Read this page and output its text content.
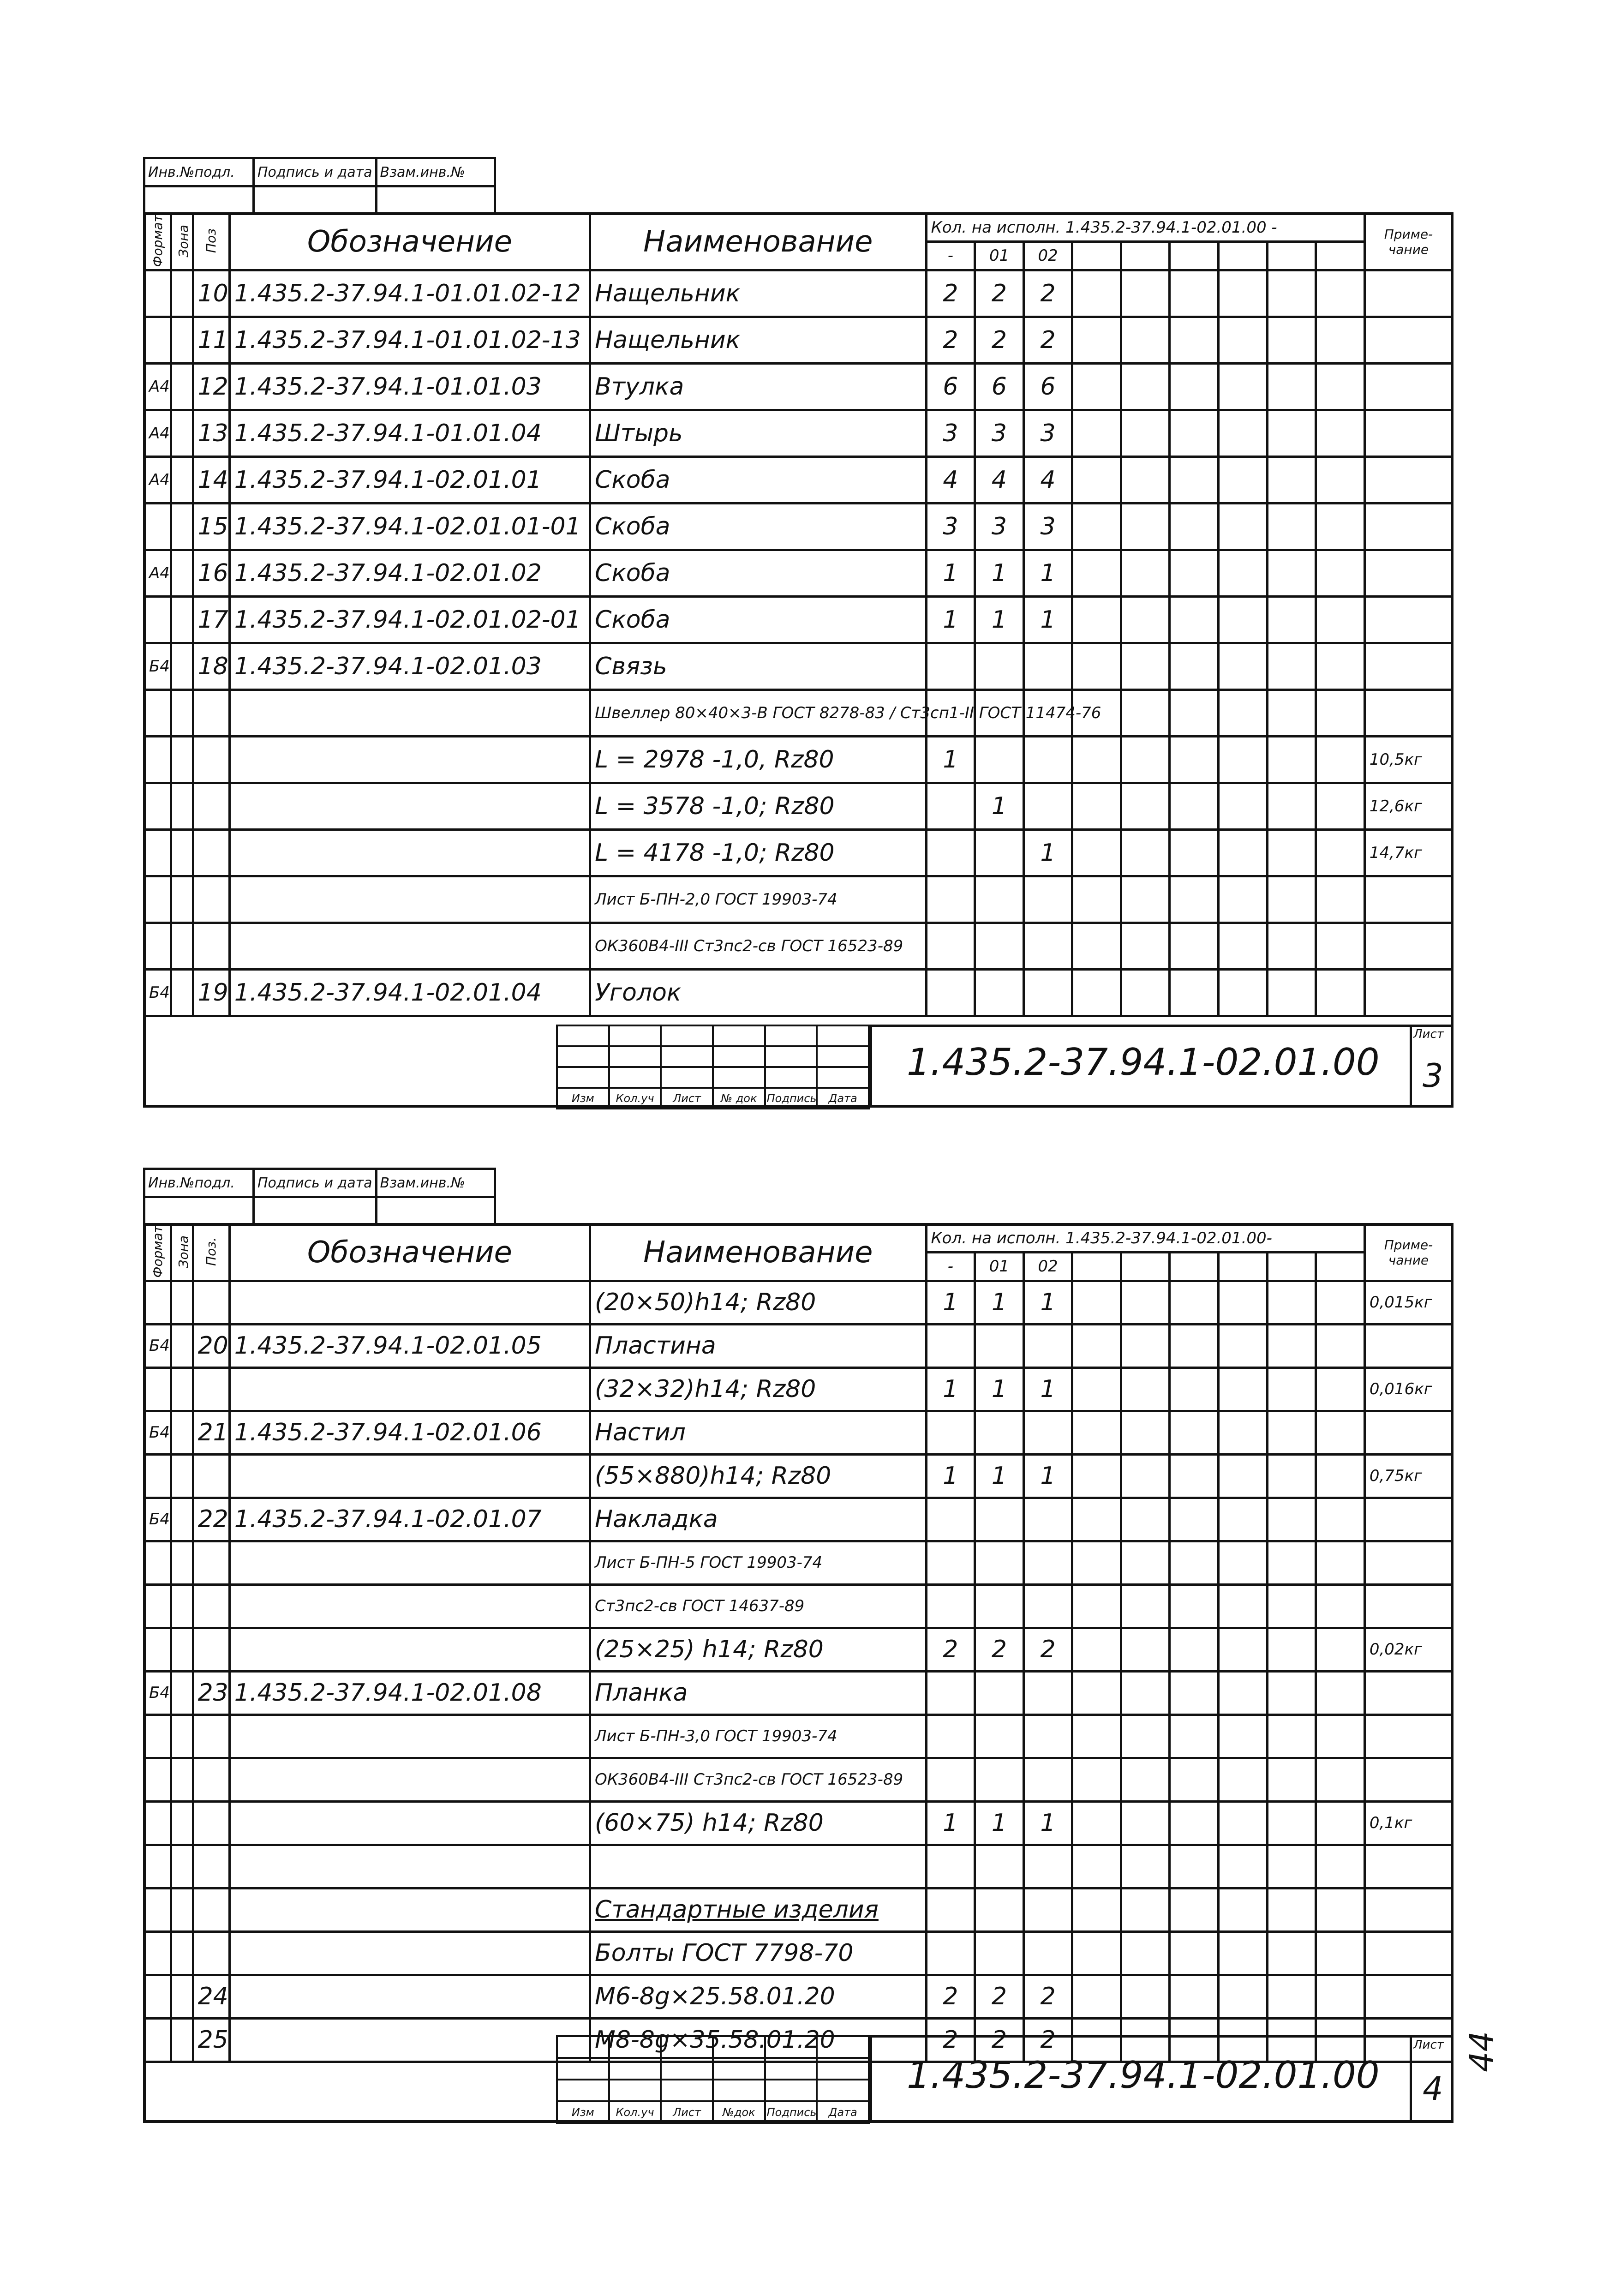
Инв.№подл.	Подпись и дата	Взам.инв.№

Формат	Зона	Поз	Обозначение	Наименование	Кол. на исполн. 1.435.2-37.94.1-02.01.00 -									Приме-чание
					-	01	02							
		10	1.435.2-37.94.1-01.01.02-12	Нащельник	2	2	2							
		11	1.435.2-37.94.1-01.01.02-13	Нащельник	2	2	2							
A4		12	1.435.2-37.94.1-01.01.03	Втулка	6	6	6							
A4		13	1.435.2-37.94.1-01.01.04	Штырь	3	3	3							
A4		14	1.435.2-37.94.1-02.01.01	Скоба	4	4	4							
		15	1.435.2-37.94.1-02.01.01-01	Скоба	3	3	3							
A4		16	1.435.2-37.94.1-02.01.02	Скоба	1	1	1							
		17	1.435.2-37.94.1-02.01.02-01	Скоба	1	1	1							
Б4		18	1.435.2-37.94.1-02.01.03	Связь										
				Швеллер 80×40×3-В ГОСТ 8278-83 / Ст3сп1-II ГОСТ 11474-76										
				L = 2978 -1,0, Rz80	1									10,5кг
				L = 3578 -1,0; Rz80		1								12,6кг
				L = 4178 -1,0; Rz80			1							14,7кг
				Лист Б-ПН-2,0 ГОСТ 19903-74										
				ОК360В4-III Ст3пс2-св ГОСТ 16523-89										
Б4		19	1.435.2-37.94.1-02.01.04	Уголок										

Изм	Кол.уч	Лист	№ док	Подпись	Дата
1.435.2-37.94.1-02.01.00
Лист
3
Инв.№подл.	Подпись и дата	Взам.инв.№

Формат	Зона	Поз.	Обозначение	Наименование	Кол. на исполн. 1.435.2-37.94.1-02.01.00-									Приме-чание
					-	01	02							
				(20×50)h14; Rz80	1	1	1							0,015кг
Б4		20	1.435.2-37.94.1-02.01.05	Пластина										
				(32×32)h14; Rz80	1	1	1							0,016кг
Б4		21	1.435.2-37.94.1-02.01.06	Настил										
				(55×880)h14; Rz80	1	1	1							0,75кг
Б4		22	1.435.2-37.94.1-02.01.07	Накладка										
				Лист Б-ПН-5 ГОСТ 19903-74										
				Ст3пс2-св ГОСТ 14637-89										
				(25×25) h14; Rz80	2	2	2							0,02кг
Б4		23	1.435.2-37.94.1-02.01.08	Планка										
				Лист Б-ПН-3,0 ГОСТ 19903-74										
				ОК360В4-III Ст3пс2-св ГОСТ 16523-89										
				(60×75) h14; Rz80	1	1	1							0,1кг

				Стандартные изделия										
				Болты ГОСТ 7798-70										
		24		М6-8g×25.58.01.20	2	2	2							
		25		М8-8g×35.58.01.20	2	2	2							

Изм	Кол.уч	Лист	№док	Подпись	Дата
1.435.2-37.94.1-02.01.00
Лист
4
44
